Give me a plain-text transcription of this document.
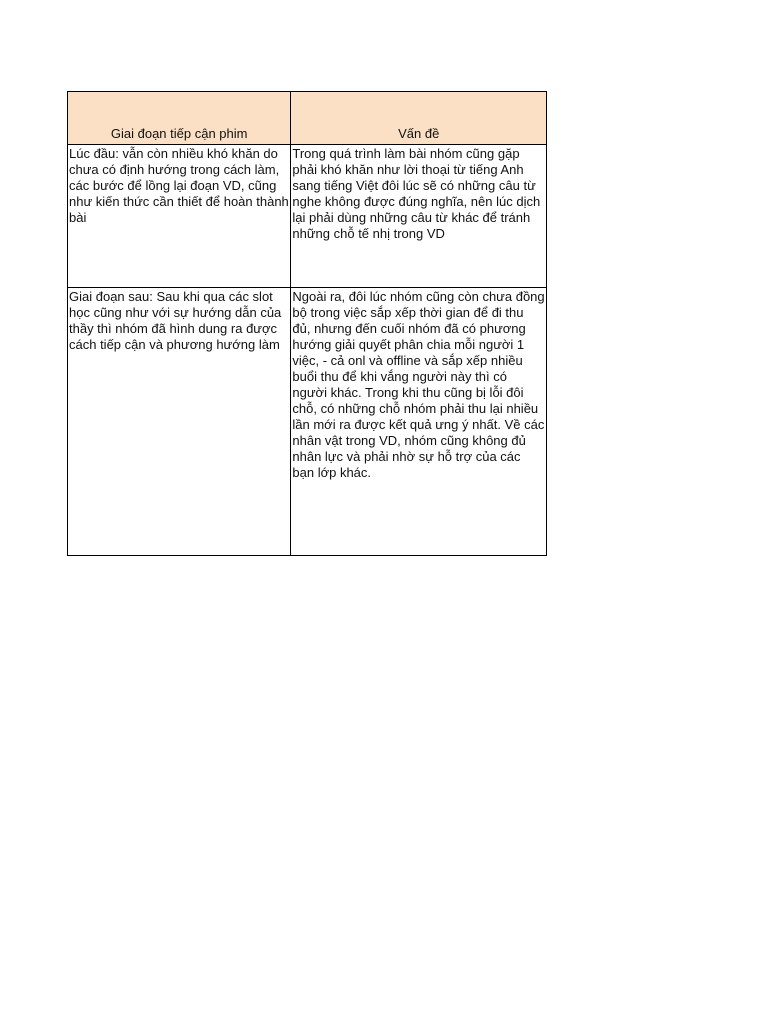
Giai đoạn tiếp cận phim	Vấn đề
Lúc đầu: vẫn còn nhiều khó khăn do chưa có định hướng trong cách làm, các bước để lồng lại đoạn VD, cũng như kiến thức cần thiết để hoàn thành bài	Trong quá trình làm bài nhóm cũng gặp phải khó khăn như lời thoại từ tiếng Anh sang tiếng Việt đôi lúc sẽ có những câu từ nghe không được đúng nghĩa, nên lúc dịch lại phải dùng những câu từ khác để tránh những chỗ tế nhị trong VD
Giai đoạn sau: Sau khi qua các slot học cũng như với sự hướng dẫn của thầy thì nhóm đã hình dung ra được cách tiếp cận và phương hướng làm	Ngoài ra, đôi lúc nhóm cũng còn chưa đồng bộ trong việc sắp xếp thời gian để đi thu đủ, nhưng đến cuối nhóm đã có phương hướng giải quyết phân chia mỗi người 1 việc, - cả onl và offline và sắp xếp nhiều buổi thu để khi vắng người này thì có người khác. Trong khi thu cũng bị lỗi đôi chỗ, có những chỗ nhóm phải thu lại nhiều lần mới ra được kết quả ưng ý nhất. Về các nhân vật trong VD, nhóm cũng không đủ nhân lực và phải nhờ sự hỗ trợ của các bạn lớp khác.
